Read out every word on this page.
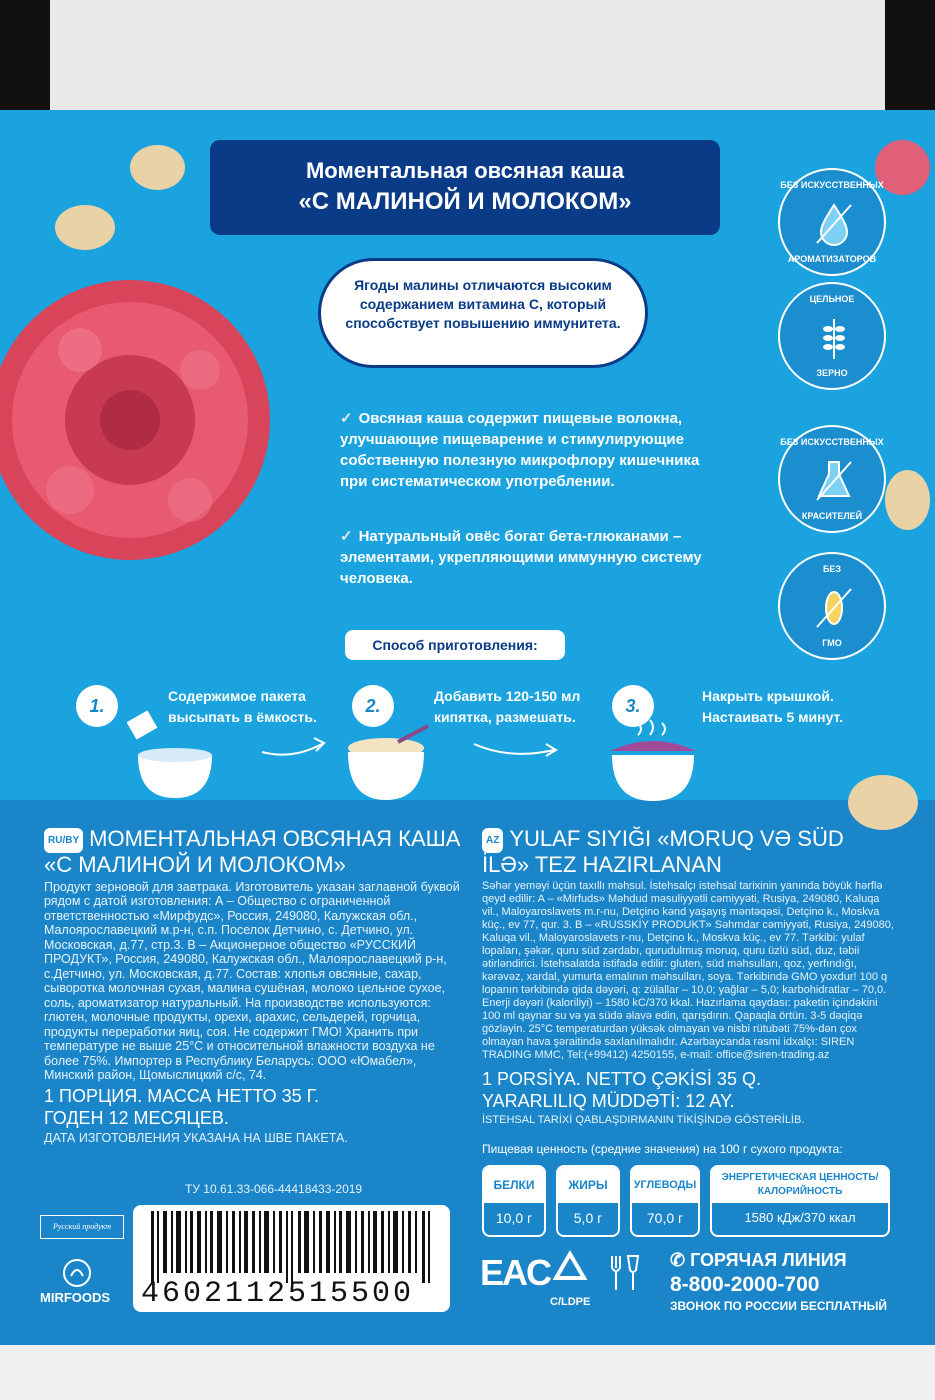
Моментальная овсяная каша
«С МАЛИНОЙ И МОЛОКОМ»
Ягоды малины отличаются высоким содержанием витамина С, который способствует повышению иммунитета.
✓ Овсяная каша содержит пищевые волокна, улучшающие пищеварение и стимулирующие собственную полезную микрофлору кишечника при систематическом употреблении.
✓ Натуральный овёс богат бета-глюканами – элементами, укрепляющими иммунную систему человека.
БЕЗ ИСКУССТВЕННЫХ
АРОМАТИЗАТОРОВ
ЦЕЛЬНОЕ
ЗЕРНО
БЕЗ ИСКУССТВЕННЫХ
КРАСИТЕЛЕЙ
БЕЗ
ГМО
Способ приготовления:
1.	Содержимое пакета высыпать в ёмкость.
2.	Добавить 120-150 мл кипятка, размешать.
3.	Накрыть крышкой. Настаивать 5 минут.
RU/BY МОМЕНТАЛЬНАЯ ОВСЯНАЯ КАША «С МАЛИНОЙ И МОЛОКОМ»
Продукт зерновой для завтрака. Изготовитель указан заглавной буквой рядом с датой изготовления: А – Общество с ограниченной ответственностью «Мирфудс», Россия, 249080, Калужская обл., Малоярославецкий м.р-н, с.п. Поселок Детчино, с. Детчино, ул. Московская, д.77, стр.3. В – Акционерное общество «РУССКИЙ ПРОДУКТ», Россия, 249080, Калужская обл., Малоярославецкий р-н, с.Детчино, ул. Московская, д.77. Состав: хлопья овсяные, сахар, сыворотка молочная сухая, малина сушёная, молоко цельное сухое, соль, ароматизатор натуральный. На производстве используются: глютен, молочные продукты, орехи, арахис, сельдерей, горчица, продукты переработки яиц, соя. Не содержит ГМО! Хранить при температуре не выше 25°С и относительной влажности воздуха не более 75%. Импортер в Республику Беларусь: ООО «Юмабел», Минский район, Щомыслицкий с/с, 74.
1 ПОРЦИЯ. МАССА НЕТТО 35 Г.
ГОДЕН 12 МЕСЯЦЕВ.
ДАТА ИЗГОТОВЛЕНИЯ УКАЗАНА НА ШВЕ ПАКЕТА.
AZ YULAF SIYIĞI «MORUQ VƏ SÜD İLƏ» TEZ HAZIRLANAN
Səhər yeməyi üçün taxıllı məhsul. İstehsalçı istehsal tarixinin yanında böyük hərflə qeyd edilir: A – «Mirfuds» Məhdud məsuliyyətli cəmiyyəti, Rusiya, 249080, Kaluqa vil., Maloyaroslavets m.r-nu, Detçino kənd yaşayış məntəqəsi, Detçino k., Moskva küç., ev 77, qur. 3. B – «RUSSKİY PRODUKT» Səhmdar cəmiyyəti, Rusiya, 249080, Kaluqa vil., Maloyaroslavets r-nu, Detçino k., Moskva küç., ev 77. Tərkibi: yulaf lopaları, şəkər, quru süd zərdabı, qurudulmuş moruq, quru üzlü süd, duz, təbii ətirləndirici. İstehsalatda istifadə edilir: gluten, süd məhsulları, qoz, yerfındığı, kərəvəz, xardal, yumurta emalının məhsulları, soya. Tərkibində GMO yoxdur! 100 q lopanın tərkibində qida dəyəri, q: zülallar – 10,0; yağlar – 5,0; karbohidratlar – 70,0. Enerji dəyəri (kaloriliyi) – 1580 kC/370 kkal. Hazırlama qaydası: paketin içindəkini 100 ml qaynar su və ya südə əlavə edin, qarışdırın. Qapaqla örtün. 3-5 dəqiqə gözləyin. 25°C temperaturdan yüksək olmayan və nisbi rütubəti 75%-dən çox olmayan hava şəraitində saxlanılmalıdır. Azərbaycanda rəsmi idxalçı: SIREN TRADING MMC, Tel:(+99412) 4250155, e-mail: office@siren-trading.az
1 PORSİYA. NETTO ÇƏKİSİ 35 Q.
YARARLILIQ MÜDDƏTİ: 12 AY.
İSTEHSAL TARİXİ QABLAŞDIRMANIN TİKİŞİNDƏ GÖSTƏRİLİB.
Пищевая ценность (средние значения) на 100 г сухого продукта:
БЕЛКИ
10,0 г
ЖИРЫ
5,0 г
УГЛЕВОДЫ
70,0 г
ЭНЕРГЕТИЧЕСКАЯ ЦЕННОСТЬ/КАЛОРИЙНОСТЬ
1580 кДж/370 ккал
ТУ 10.61.33-066-44418433-2019
4602112515500
Русский продукт
MIRFOODS
EAC
C/LDPE
✆ ГОРЯЧАЯ ЛИНИЯ
8-800-2000-700
ЗВОНОК ПО РОССИИ БЕСПЛАТНЫЙ
